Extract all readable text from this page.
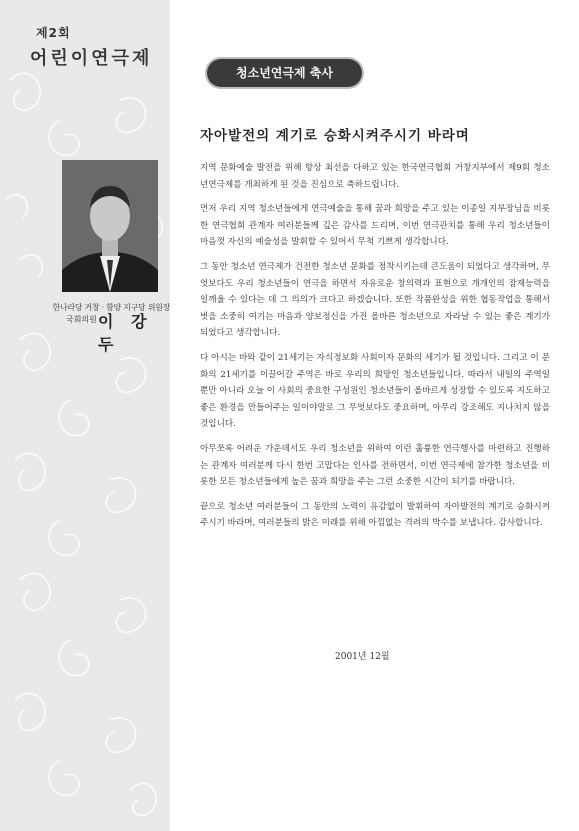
제2회
어린이연극제
한나라당 거창 · 함양 지구당 위원장
국회의원 이 강 두
청소년연극제 축사
자아발전의 계기로 승화시켜주시기 바라며

지역 문화예술 발전을 위해 항상 최선을 다하고 있는 한국연극협회 거창지부에서 제9회 청소년연극제를 개최하게 된 것을 진심으로 축하드립니다.

먼저 우리 지역 청소년들에게 연극예술을 통해 꿈과 희망을 주고 있는 이종일 지부장님을 비롯한 연극협회 관계자 여러분들께 깊은 감사를 드리며, 이번 연극관치를 통해 우리 청소년들이 마음껏 자신의 예술성을 발휘할 수 있어서 무척 기쁘게 생각합니다.

그 동안 청소년 연극제가 건전한 청소년 문화를 정착시키는데 큰도움이 되었다고 생각하며, 무엇보다도 우리 청소년들이 연극을 하면서 자유로운 창의력과 표현으로 개개인의 잠재능력을 일깨울 수 있다는 데 그 의의가 크다고 하겠습니다. 또한 작품완성을 위한 협동작업을 통해서 벗을 소중히 여기는 마음과 양보정신을 가진 올바른 청소년으로 자라날 수 있는 좋은 계기가 되었다고 생각합니다.

다 아시는 바와 같이 21세기는 자식정보화 사회이자 문화의 세기가 될 것입니다. 그리고 이 문화의 21세기를 이끌어갈 주역은 바로 우리의 희망인 청소년들입니다. 따라서 내일의 주역일 뿐만 아니라 오늘 이 사회의 중요한 구성원인 청소년들이 올바르게 성장할 수 있도록 지도하고 좋은 환경을 만들어주는 일이야말로 그 무엇보다도 중요하며, 아무리 강조해도 지나치지 않을 것입니다.

아무쪼록 어려운 가운데서도 우리 청소년을 위하여 이런 훌륭한 연극행사를 마련하고 진행하는 관계자 여러분께 다시 한번 고맙다는 인사를 전하면서, 이번 연극제에 참가한 청소년을 비롯한 모든 청소년들에게 높은 꿈과 희망을 주는 그런 소중한 시간이 되기를 바랍니다.

끝으로 청소년 여러분들이 그 동안의 노력이 유감없이 발휘하여 자아발전의 계기로 승화시켜주시기 바라며, 여러분들의 밝은 미래를 위해 아낌없는 격려의 박수를 보냅니다. 감사합니다.

2001년 12월
